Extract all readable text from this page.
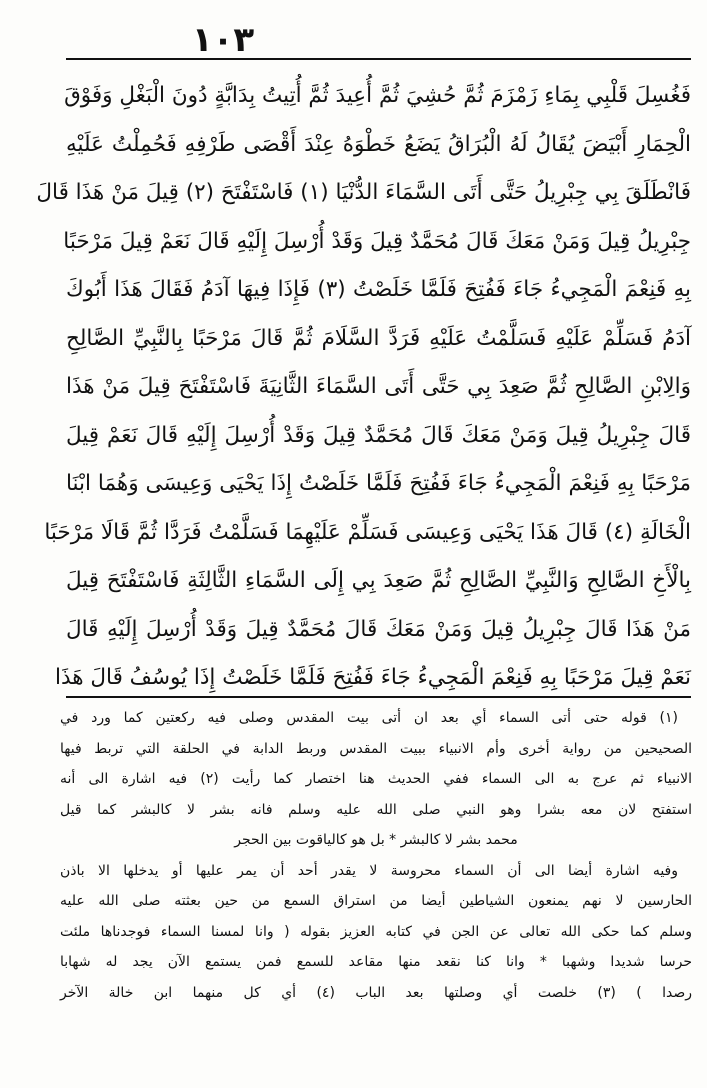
١٠٣
فَغُسِلَ قَلْبِي بِمَاءِ زَمْزَمَ ثُمَّ حُشِيَ ثُمَّ أُعِيدَ ثُمَّ أُتِيتُ بِدَابَّةٍ دُونَ الْبَغْلِ وَفَوْقَ
الْحِمَارِ أَبْيَضَ يُقَالُ لَهُ الْبُرَاقُ يَضَعُ خَطْوَهُ عِنْدَ أَقْصَى طَرْفِهِ فَحُمِلْتُ عَلَيْهِ
فَانْطَلَقَ بِي جِبْرِيلُ حَتَّى أَتَى السَّمَاءَ الدُّنْيَا (١) فَاسْتَفْتَحَ (٢) قِيلَ مَنْ هَذَا قَالَ
جِبْرِيلُ قِيلَ وَمَنْ مَعَكَ قَالَ مُحَمَّدٌ قِيلَ وَقَدْ أُرْسِلَ إِلَيْهِ قَالَ نَعَمْ قِيلَ مَرْحَبًا
بِهِ فَنِعْمَ الْمَجِيءُ جَاءَ فَفُتِحَ فَلَمَّا خَلَصْتُ (٣) فَإِذَا فِيهَا آدَمُ فَقَالَ هَذَا أَبُوكَ
آدَمُ فَسَلِّمْ عَلَيْهِ فَسَلَّمْتُ عَلَيْهِ فَرَدَّ السَّلَامَ ثُمَّ قَالَ مَرْحَبًا بِالنَّبِيِّ الصَّالِحِ
وَالِابْنِ الصَّالِحِ ثُمَّ صَعِدَ بِي حَتَّى أَتَى السَّمَاءَ الثَّانِيَةَ فَاسْتَفْتَحَ قِيلَ مَنْ هَذَا
قَالَ جِبْرِيلُ قِيلَ وَمَنْ مَعَكَ قَالَ مُحَمَّدٌ قِيلَ وَقَدْ أُرْسِلَ إِلَيْهِ قَالَ نَعَمْ قِيلَ
مَرْحَبًا بِهِ فَنِعْمَ الْمَجِيءُ جَاءَ فَفُتِحَ فَلَمَّا خَلَصْتُ إِذَا يَحْيَى وَعِيسَى وَهُمَا ابْنَا
الْخَالَةِ (٤) قَالَ هَذَا يَحْيَى وَعِيسَى فَسَلِّمْ عَلَيْهِمَا فَسَلَّمْتُ فَرَدَّا ثُمَّ قَالَا مَرْحَبًا
بِالْأَخِ الصَّالِحِ وَالنَّبِيِّ الصَّالِحِ ثُمَّ صَعِدَ بِي إِلَى السَّمَاءِ الثَّالِثَةِ فَاسْتَفْتَحَ قِيلَ
مَنْ هَذَا قَالَ جِبْرِيلُ قِيلَ وَمَنْ مَعَكَ قَالَ مُحَمَّدٌ قِيلَ وَقَدْ أُرْسِلَ إِلَيْهِ قَالَ
نَعَمْ قِيلَ مَرْحَبًا بِهِ فَنِعْمَ الْمَجِيءُ جَاءَ فَفُتِحَ فَلَمَّا خَلَصْتُ إِذَا يُوسُفُ قَالَ هَذَا
(١) قوله حتى أتى السماء أي بعد ان أتى بيت المقدس وصلى فيه ركعتين كما ورد في
الصحيحين من رواية أخرى وأم الانبياء ببيت المقدس وربط الدابة في الحلقة التي تربط فيها
الانبياء ثم عرج به الى السماء ففي الحديث هنا اختصار كما رأيت (٢) فيه اشارة الى أنه
استفتح لان معه بشرا وهو النبي صلى الله عليه وسلم فانه بشر لا كالبشر كما قيل
محمد بشر لا كالبشر * بل هو كالياقوت بين الحجر
وفيه اشارة أيضا الى أن السماء محروسة لا يقدر أحد أن يمر عليها أو يدخلها الا باذن
الحارسين لا نهم يمنعون الشياطين أيضا من استراق السمع من حين بعثته صلى الله عليه
وسلم كما حكى الله تعالى عن الجن في كتابه العزيز بقوله ( وانا لمسنا السماء فوجدناها ملئت
حرسا شديدا وشهبا * وانا كنا نقعد منها مقاعد للسمع فمن يستمع الآن يجد له شهابا
رصدا ) (٣) خلصت أي وصلتها بعد الباب (٤) أي كل منهما ابن خالة الآخر
